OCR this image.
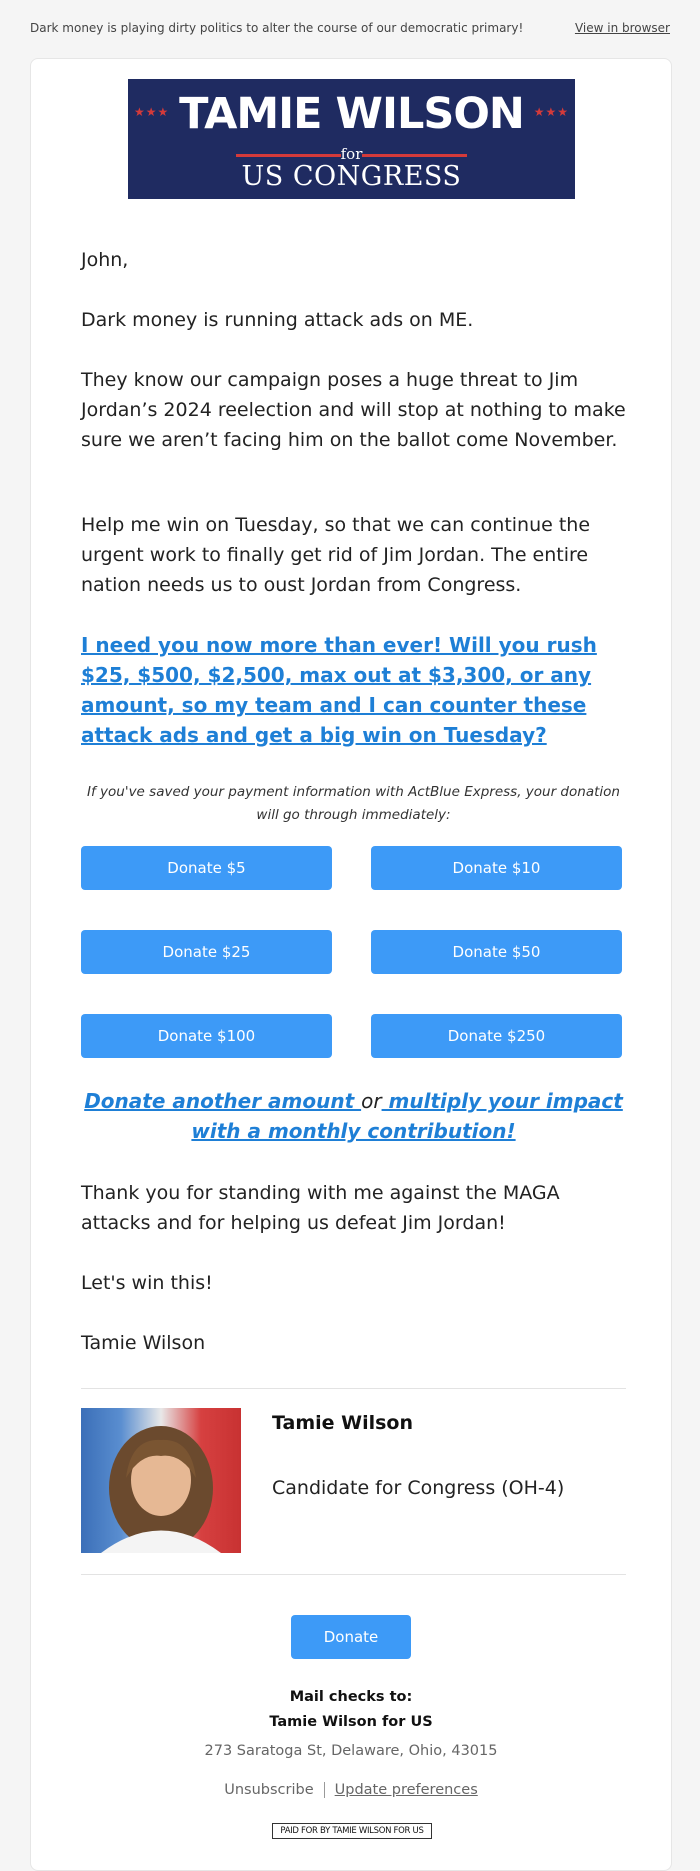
Dark money is playing dirty politics to alter the course of our democratic primary!	View in browser
★★★	★★★
TAMIE WILSON
for
US CONGRESS
John,
Dark money is running attack ads on ME.
They know our campaign poses a huge threat to Jim Jordan’s 2024 reelection and will stop at nothing to make sure we aren’t facing him on the ballot come November.
Help me win on Tuesday, so that we can continue the urgent work to finally get rid of Jim Jordan. The entire nation needs us to oust Jordan from Congress.
I need you now more than ever! Will you rush $25, $500, $2,500, max out at $3,300, or any amount, so my team and I can counter these attack ads and get a big win on Tuesday?
If you've saved your payment information with ActBlue Express, your donation will go through immediately:
Donate $5	Donate $10
Donate $25	Donate $50
Donate $100	Donate $250
Donate another amount or multiply your impact with a monthly contribution!
Thank you for standing with me against the MAGA attacks and for helping us defeat Jim Jordan!
Let's win this!
Tamie Wilson
Tamie Wilson
Candidate for Congress (OH-4)
Donate
Mail checks to:
Tamie Wilson for US
273 Saratoga St, Delaware, Ohio, 43015
Unsubscribe Update preferences
PAID FOR BY TAMIE WILSON FOR US
